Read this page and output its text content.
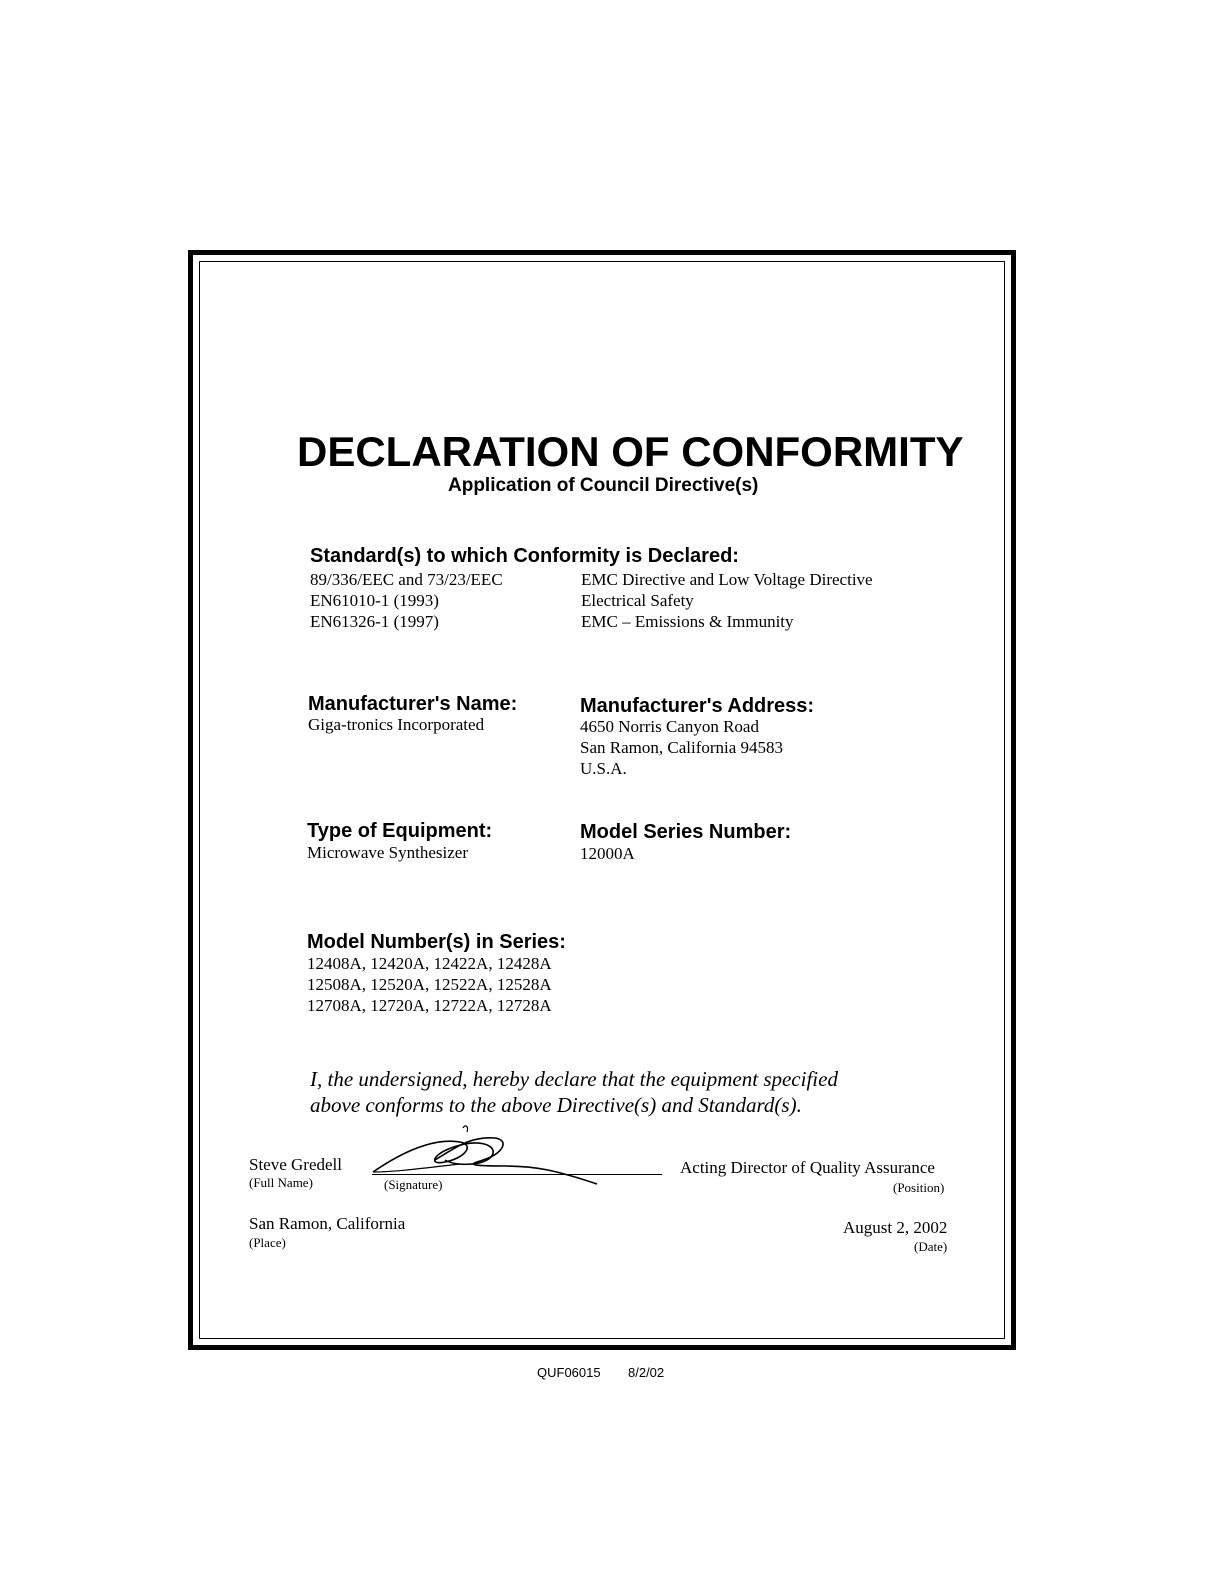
DECLARATION OF CONFORMITY
Application of Council Directive(s)
Standard(s) to which Conformity is Declared:
89/336/EEC and 73/23/EEC
EN61010-1 (1993)
EN61326-1 (1997)
EMC Directive and Low Voltage Directive
Electrical Safety
EMC – Emissions & Immunity
Manufacturer's Name:
Giga-tronics Incorporated
Manufacturer's Address:
4650 Norris Canyon Road
San Ramon, California 94583
U.S.A.
Type of Equipment:
Microwave Synthesizer
Model Series Number:
12000A
Model Number(s) in Series:
12408A, 12420A, 12422A, 12428A
12508A, 12520A, 12522A, 12528A
12708A, 12720A, 12722A, 12728A
I, the undersigned, hereby declare that the equipment specified
above conforms to the above Directive(s) and Standard(s).
Steve Gredell
(Full Name)	(Signature)
Acting Director of Quality Assurance
(Position)
San Ramon, California
(Place)
August 2, 2002
(Date)
QUF06015 8/2/02
